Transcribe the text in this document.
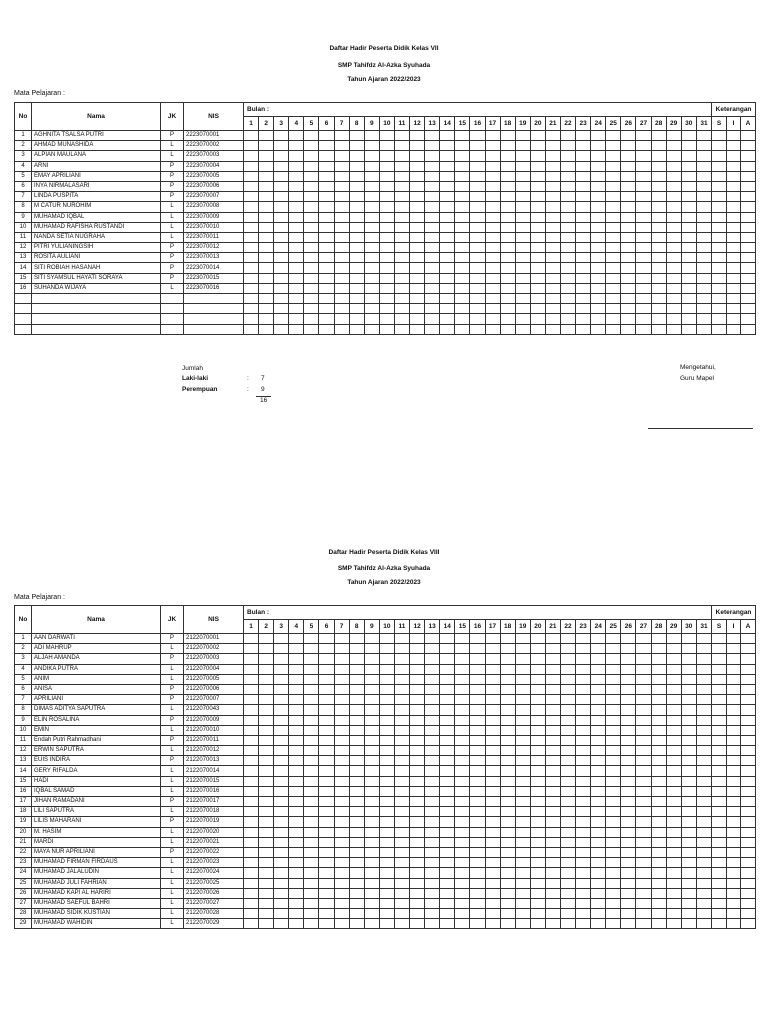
Daftar Hadir Peserta Didik Kelas VII
SMP Tahifdz Al-Azka Syuhada
Tahun Ajaran 2022/2023
Mata Pelajaran :
No	Nama	JK	NIS	Bulan :																															Keterangan		
				1	2	3	4	5	6	7	8	9	10	11	12	13	14	15	16	17	18	19	20	21	22	23	24	25	26	27	28	29	30	31	S	I	A
1	AGHNITA TSALSA PUTRI	P	2223070001																																		
2	AHMAD MUNASHIDA	L	2223070002																																		
3	ALPIAN MAULANA	L	2223070003																																		
4	ARNI	P	2223070004																																		
5	EMAY APRILIANI	P	2223070005																																		
6	INYA NIRMALASARI	P	2223070006																																		
7	LINDA PUSPITA	P	2223070007																																		
8	M CATUR NUROHIM	L	2223070008																																		
9	MUHAMAD IQBAL	L	2223070009																																		
10	MUHAMAD RAFISHA RUSTANDI	L	2223070010																																		
11	NANDA SETIA NUGRAHA	L	2223070011																																		
12	PITRI YULIANINGSIH	P	2223070012																																		
13	ROSITA AULIANI	P	2223070013																																		
14	SITI ROBIAH HASANAH	P	2223070014																																		
15	SITI SYAMSUL HAYATI SORAYA	P	2223070015																																		
16	SUHANDA WIJAYA	L	2223070016																																		

Jumlah
Laki-laki	: 7
Perempuan	: 9
16
Mengetahui,
Guru Mapel
Daftar Hadir Peserta Didik Kelas VIII
SMP Tahifdz Al-Azka Syuhada
Tahun Ajaran 2022/2023
Mata Pelajaran :
No	Nama	JK	NIS	Bulan :																															Keterangan		
				1	2	3	4	5	6	7	8	9	10	11	12	13	14	15	16	17	18	19	20	21	22	23	24	25	26	27	28	29	30	31	S	I	A
1	AAN DARWATI	P	2122070001																																		
2	ADI MAHRUP	L	2122070002																																		
3	ALJAH AMANDA	P	2122070003																																		
4	ANDIKA PUTRA	L	2122070004																																		
5	ANIM	L	2122070005																																		
6	ANISA	P	2122070006																																		
7	APRILIANI	P	2122070007																																		
8	DIMAS ADITYA SAPUTRA	L	2122070043																																		
9	ELIN ROSALINA	P	2122070009																																		
10	EMIN	L	2122070010																																		
11	Endah Putri Rahmadhani	P	2122070011																																		
12	ERWIN SAPUTRA	L	2122070012																																		
13	EUIS INDIRA	P	2122070013																																		
14	GERY RIFALDA	L	2122070014																																		
15	HADI	L	2122070015																																		
16	IQBAL SAMAD	L	2122070016																																		
17	JIHAN RAMADANI	P	2122070017																																		
18	LILI SAPUTRA	L	2122070018																																		
19	LILIS MAHARANI	P	2122070019																																		
20	M. HASIM	L	2122070020																																		
21	MARDI	L	2122070021																																		
22	MAYA NUR APRILIANI	P	2122070022																																		
23	MUHAMAD FIRMAN FIRDAUS	L	2122070023																																		
24	MUHAMAD JALALUDIN	L	2122070024																																		
25	MUHAMAD JULI FAHRIAN	L	2122070025																																		
26	MUHAMAD KAPI AL HARIRI	L	2122070026																																		
27	MUHAMAD SAEFUL BAHRI	L	2122070027																																		
28	MUHAMAD SIDIK KUSTIAN	L	2122070028																																		
29	MUHAMAD WAHIDIN	L	2122070029																																		
